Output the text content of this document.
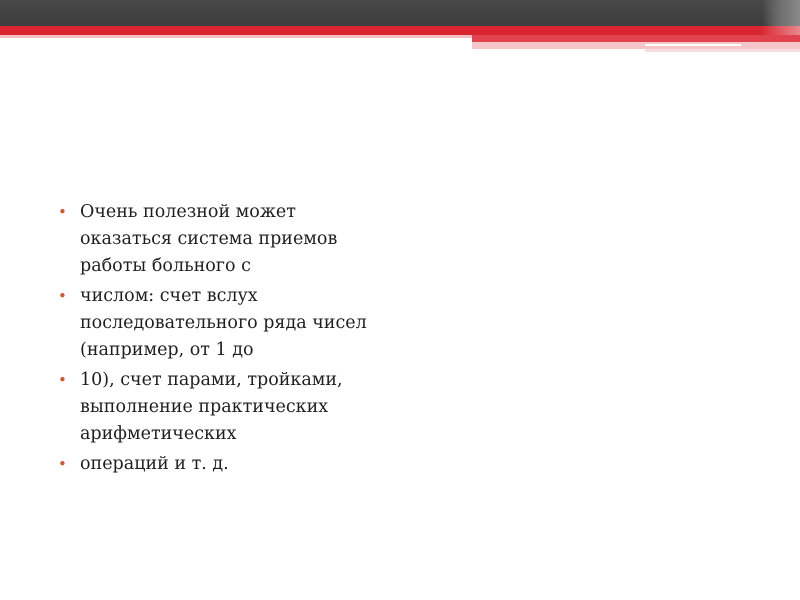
• Очень полезной может оказаться система приемов работы больного с
• числом: счет вслух последовательного ряда чисел (например, от 1 до
• 10), счет парами, тройками, выполнение практических арифметических
• операций и т. д.
